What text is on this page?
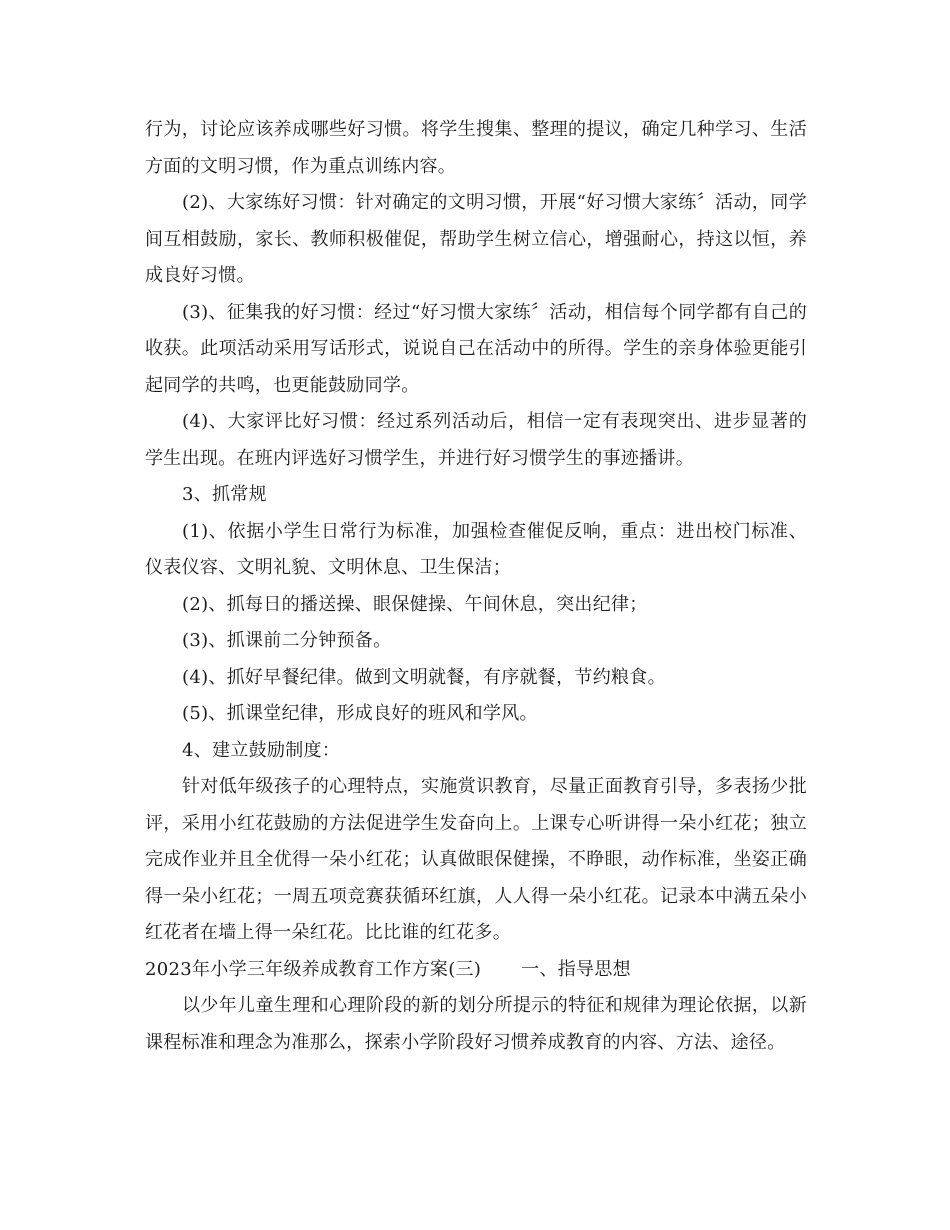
行为，讨论应该养成哪些好习惯。将学生搜集、整理的提议，确定几种学习、生活方面的文明习惯，作为重点训练内容。

(2)、大家练好习惯：针对确定的文明习惯，开展“好习惯大家练〞活动，同学间互相鼓励，家长、教师积极催促，帮助学生树立信心，增强耐心，持这以恒，养成良好习惯。

(3)、征集我的好习惯：经过“好习惯大家练〞活动，相信每个同学都有自己的收获。此项活动采用写话形式，说说自己在活动中的所得。学生的亲身体验更能引起同学的共鸣，也更能鼓励同学。

(4)、大家评比好习惯：经过系列活动后，相信一定有表现突出、进步显著的学生出现。在班内评选好习惯学生，并进行好习惯学生的事迹播讲。

3、抓常规

(1)、依据小学生日常行为标准，加强检查催促反响，重点：进出校门标准、仪表仪容、文明礼貌、文明休息、卫生保洁；

(2)、抓每日的播送操、眼保健操、午间休息，突出纪律；

(3)、抓课前二分钟预备。

(4)、抓好早餐纪律。做到文明就餐，有序就餐，节约粮食。

(5)、抓课堂纪律，形成良好的班风和学风。

4、建立鼓励制度：

针对低年级孩子的心理特点，实施赏识教育，尽量正面教育引导，多表扬少批评，采用小红花鼓励的方法促进学生发奋向上。上课专心听讲得一朵小红花；独立完成作业并且全优得一朵小红花；认真做眼保健操，不睁眼，动作标准，坐姿正确得一朵小红花；一周五项竞赛获循环红旗，人人得一朵小红花。记录本中满五朵小红花者在墙上得一朵红花。比比谁的红花多。

2023年小学三年级养成教育工作方案(三) 一、指导思想

以少年儿童生理和心理阶段的新的划分所提示的特征和规律为理论依据，以新课程标准和理念为准那么，探索小学阶段好习惯养成教育的内容、方法、途径。
